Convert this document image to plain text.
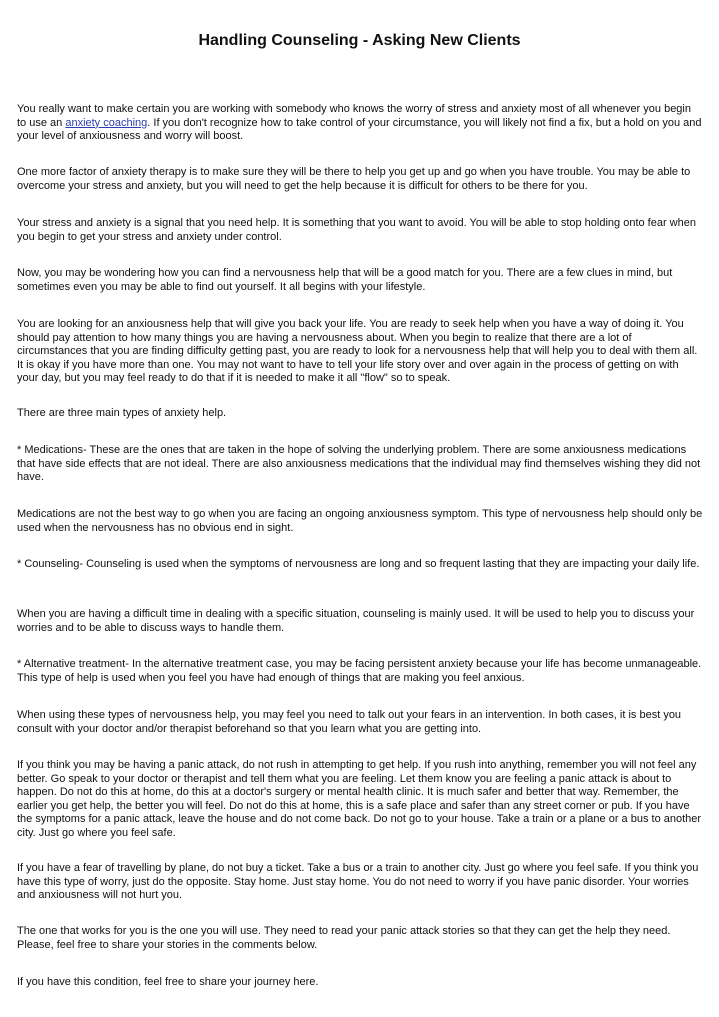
Handling Counseling - Asking New Clients

You really want to make certain you are working with somebody who knows the worry of stress and anxiety most of all whenever you begin to use an anxiety coaching. If you don't recognize how to take control of your circumstance, you will likely not find a fix, but a hold on you and your level of anxiousness and worry will boost.

One more factor of anxiety therapy is to make sure they will be there to help you get up and go when you have trouble. You may be able to overcome your stress and anxiety, but you will need to get the help because it is difficult for others to be there for you.

Your stress and anxiety is a signal that you need help. It is something that you want to avoid. You will be able to stop holding onto fear when you begin to get your stress and anxiety under control.

Now, you may be wondering how you can find a nervousness help that will be a good match for you. There are a few clues in mind, but sometimes even you may be able to find out yourself. It all begins with your lifestyle.

You are looking for an anxiousness help that will give you back your life. You are ready to seek help when you have a way of doing it. You should pay attention to how many things you are having a nervousness about. When you begin to realize that there are a lot of circumstances that you are finding difficulty getting past, you are ready to look for a nervousness help that will help you to deal with them all. It is okay if you have more than one. You may not want to have to tell your life story over and over again in the process of getting on with your day, but you may feel ready to do that if it is needed to make it all "flow" so to speak.

There are three main types of anxiety help.

* Medications- These are the ones that are taken in the hope of solving the underlying problem. There are some anxiousness medications that have side effects that are not ideal. There are also anxiousness medications that the individual may find themselves wishing they did not have.

Medications are not the best way to go when you are facing an ongoing anxiousness symptom. This type of nervousness help should only be used when the nervousness has no obvious end in sight.

* Counseling- Counseling is used when the symptoms of nervousness are long and so frequent lasting that they are impacting your daily life.

When you are having a difficult time in dealing with a specific situation, counseling is mainly used. It will be used to help you to discuss your worries and to be able to discuss ways to handle them.

* Alternative treatment- In the alternative treatment case, you may be facing persistent anxiety because your life has become unmanageable. This type of help is used when you feel you have had enough of things that are making you feel anxious.

When using these types of nervousness help, you may feel you need to talk out your fears in an intervention. In both cases, it is best you consult with your doctor and/or therapist beforehand so that you learn what you are getting into.

If you think you may be having a panic attack, do not rush in attempting to get help. If you rush into anything, remember you will not feel any better. Go speak to your doctor or therapist and tell them what you are feeling. Let them know you are feeling a panic attack is about to happen. Do not do this at home, do this at a doctor's surgery or mental health clinic. It is much safer and better that way. Remember, the earlier you get help, the better you will feel. Do not do this at home, this is a safe place and safer than any street corner or pub. If you have the symptoms for a panic attack, leave the house and do not come back. Do not go to your house. Take a train or a plane or a bus to another city. Just go where you feel safe.

If you have a fear of travelling by plane, do not buy a ticket. Take a bus or a train to another city. Just go where you feel safe. If you think you have this type of worry, just do the opposite. Stay home. Just stay home. You do not need to worry if you have panic disorder. Your worries and anxiousness will not hurt you.

The one that works for you is the one you will use. They need to read your panic attack stories so that they can get the help they need. Please, feel free to share your stories in the comments below.

If you have this condition, feel free to share your journey here.
